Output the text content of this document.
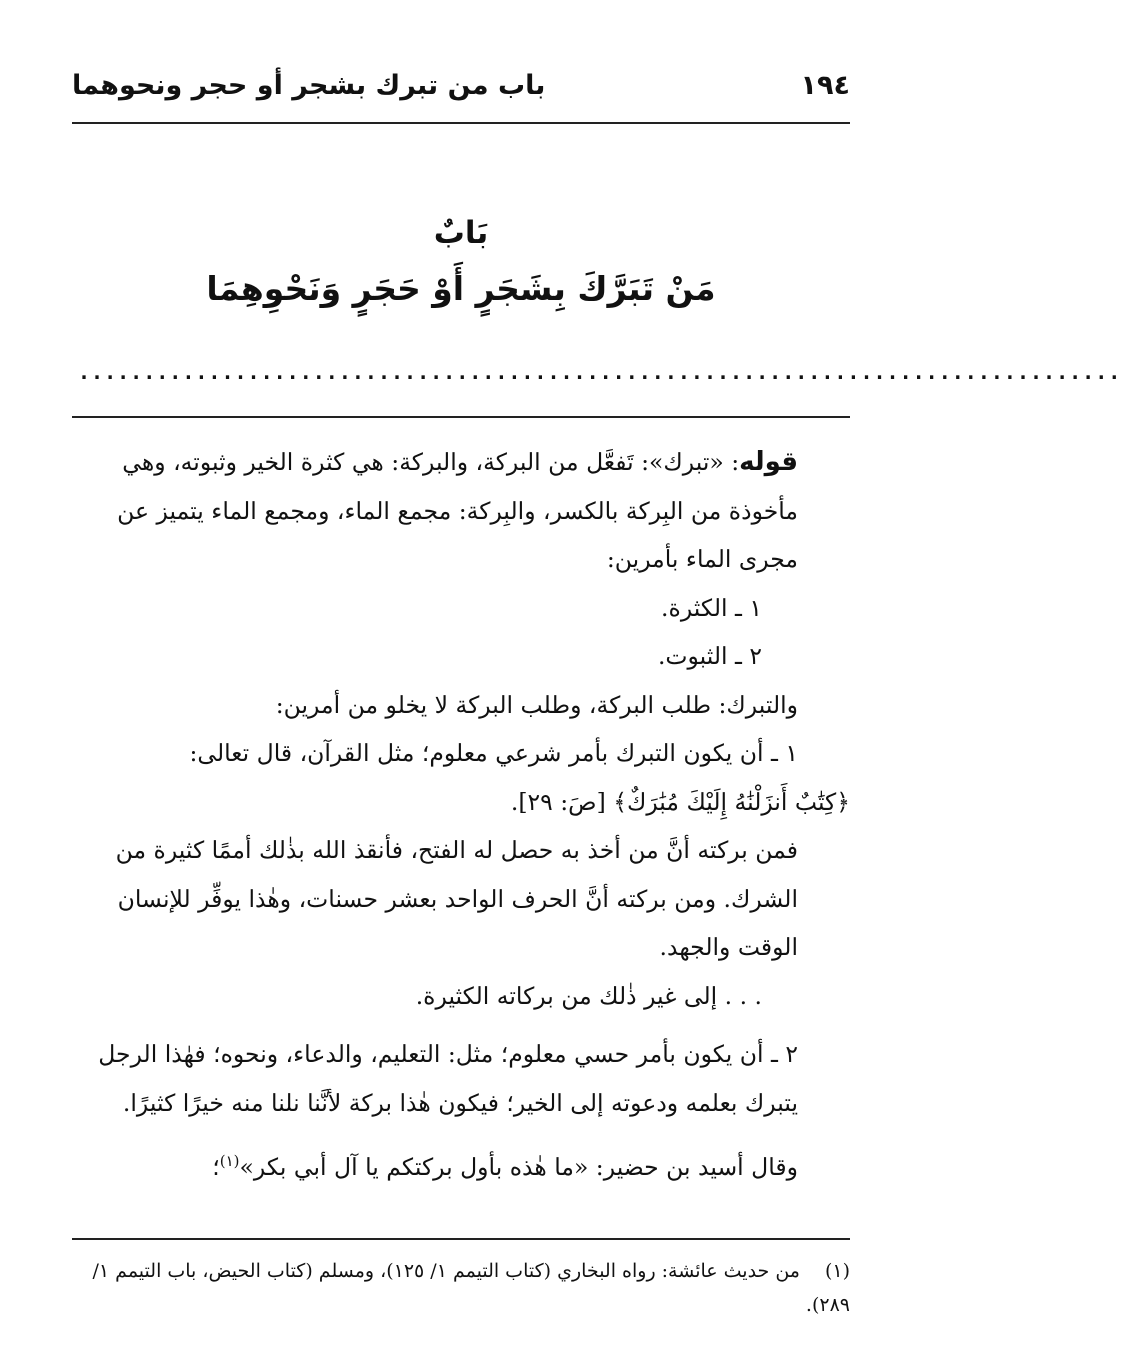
١٩٤
باب من تبرك بشجر أو حجر ونحوهما
بَابٌ
مَنْ تَبَرَّكَ بِشَجَرٍ أَوْ حَجَرٍ وَنَحْوِهِمَا
................................................................................

قوله: «تبرك»: تَفعَّل من البركة، والبركة: هي كثرة الخير وثبوته، وهي مأخوذة من البِركة بالكسر، والبِركة: مجمع الماء، ومجمع الماء يتميز عن مجرى الماء بأمرين:

١ ـ الكثرة.

٢ ـ الثبوت.

والتبرك: طلب البركة، وطلب البركة لا يخلو من أمرين:

١ ـ أن يكون التبرك بأمر شرعي معلوم؛ مثل القرآن، قال تعالى:

﴿كِتَٰبٌ أَنزَلْنَٰهُ إِلَيْكَ مُبَٰرَكٌ﴾ [صَ: ٢٩].

فمن بركته أنَّ من أخذ به حصل له الفتح، فأنقذ الله بذٰلك أممًا كثيرة من الشرك. ومن بركته أنَّ الحرف الواحد بعشر حسنات، وهٰذا يوفِّر للإنسان الوقت والجهد.

. . . إلى غير ذٰلك من بركاته الكثيرة.

٢ ـ أن يكون بأمر حسي معلوم؛ مثل: التعليم، والدعاء، ونحوه؛ فهٰذا الرجل يتبرك بعلمه ودعوته إلى الخير؛ فيكون هٰذا بركة لأنَّنا نلنا منه خيرًا كثيرًا.

وقال أسيد بن حضير: «ما هٰذه بأول بركتكم يا آل أبي بكر»$^{(١)}$؛

(١)من حديث عائشة: رواه البخاري (كتاب التيمم ١/ ١٢٥)، ومسلم (كتاب الحيض، باب التيمم ١/ ٢٨٩).
